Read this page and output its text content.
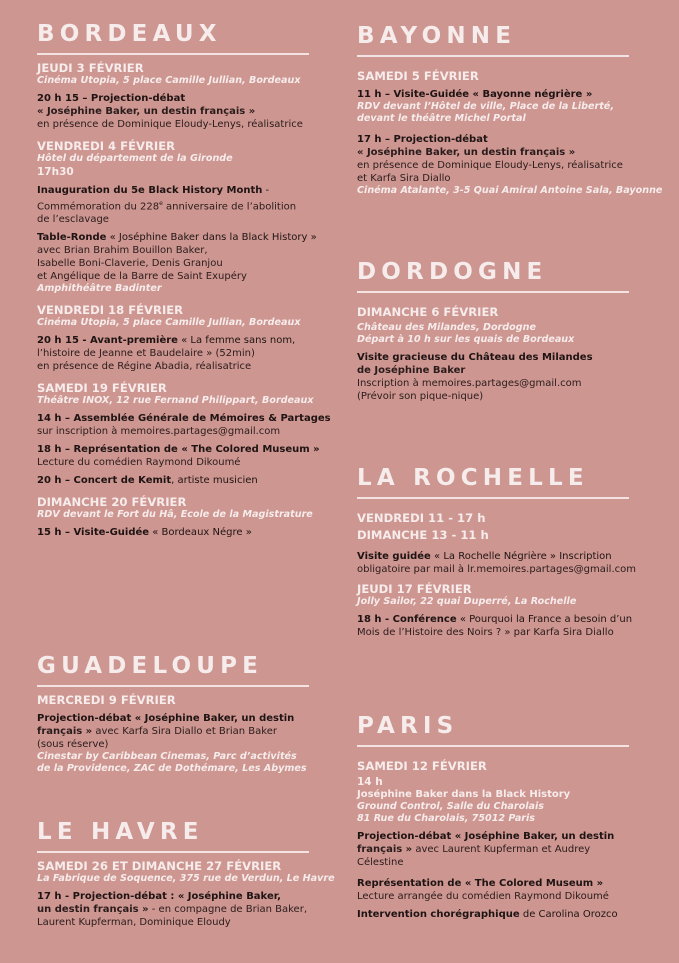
BORDEAUX
JEUDI 3 FÉVRIER
Cinéma Utopia, 5 place Camille Jullian, Bordeaux
20 h 15 – Projection-débat
« Joséphine Baker, un destin français »
en présence de Dominique Eloudy-Lenys, réalisatrice
VENDREDI 4 FÉVRIER
Hôtel du département de la Gironde
17h30
Inauguration du 5e Black History Month -
Commémoration du 228e anniversaire de l’abolition
de l’esclavage
Table-Ronde « Joséphine Baker dans la Black History »
avec Brian Brahim Bouillon Baker,
Isabelle Boni-Claverie, Denis Granjou
et Angélique de la Barre de Saint Exupéry
Amphithéâtre Badinter
VENDREDI 18 FÉVRIER
Cinéma Utopia, 5 place Camille Jullian, Bordeaux
20 h 15 - Avant-première « La femme sans nom,
l’histoire de Jeanne et Baudelaire » (52min)
en présence de Régine Abadia, réalisatrice
SAMEDI 19 FÉVRIER
Théâtre INOX, 12 rue Fernand Philippart, Bordeaux
14 h – Assemblée Générale de Mémoires & Partages
sur inscription à memoires.partages@gmail.com
18 h – Représentation de « The Colored Museum »
Lecture du comédien Raymond Dikoumé
20 h – Concert de Kemit, artiste musicien
DIMANCHE 20 FÉVRIER
RDV devant le Fort du Hâ, Ecole de la Magistrature
15 h – Visite-Guidée « Bordeaux Négre »
GUADELOUPE
MERCREDI 9 FÉVRIER
Projection-débat « Joséphine Baker, un destin
français » avec Karfa Sira Diallo et Brian Baker
(sous réserve)
Cinestar by Caribbean Cinemas, Parc d’activités
de la Providence, ZAC de Dothémare, Les Abymes
LE HAVRE
SAMEDI 26 ET DIMANCHE 27 FÉVRIER
La Fabrique de Soquence, 375 rue de Verdun, Le Havre
17 h - Projection-débat : « Joséphine Baker,
un destin français » - en compagne de Brian Baker,
Laurent Kupferman, Dominique Eloudy
BAYONNE
SAMEDI 5 FÉVRIER
11 h – Visite-Guidée « Bayonne négrière »
RDV devant l’Hôtel de ville, Place de la Liberté,
devant le théâtre Michel Portal
17 h – Projection-débat
« Joséphine Baker, un destin français »
en présence de Dominique Eloudy-Lenys, réalisatrice
et Karfa Sira Diallo
Cinéma Atalante, 3-5 Quai Amiral Antoine Sala, Bayonne
DORDOGNE
DIMANCHE 6 FÉVRIER
Château des Milandes, Dordogne
Départ à 10 h sur les quais de Bordeaux
Visite gracieuse du Château des Milandes
de Joséphine Baker
Inscription à memoires.partages@gmail.com
(Prévoir son pique-nique)
LA ROCHELLE
VENDREDI 11 - 17 h
DIMANCHE 13 - 11 h
Visite guidée « La Rochelle Négrière » Inscription
obligatoire par mail à lr.memoires.partages@gmail.com
JEUDI 17 FÉVRIER
Jolly Sailor, 22 quai Duperré, La Rochelle
18 h - Conférence « Pourquoi la France a besoin d’un
Mois de l’Histoire des Noirs ? » par Karfa Sira Diallo
PARIS
SAMEDI 12 FÉVRIER
14 h
Joséphine Baker dans la Black History
Ground Control, Salle du Charolais
81 Rue du Charolais, 75012 Paris
Projection-débat « Joséphine Baker, un destin
français » avec Laurent Kupferman et Audrey
Célestine
Représentation de « The Colored Museum »
Lecture arrangée du comédien Raymond Dikoumé
Intervention chorégraphique de Carolina Orozco
